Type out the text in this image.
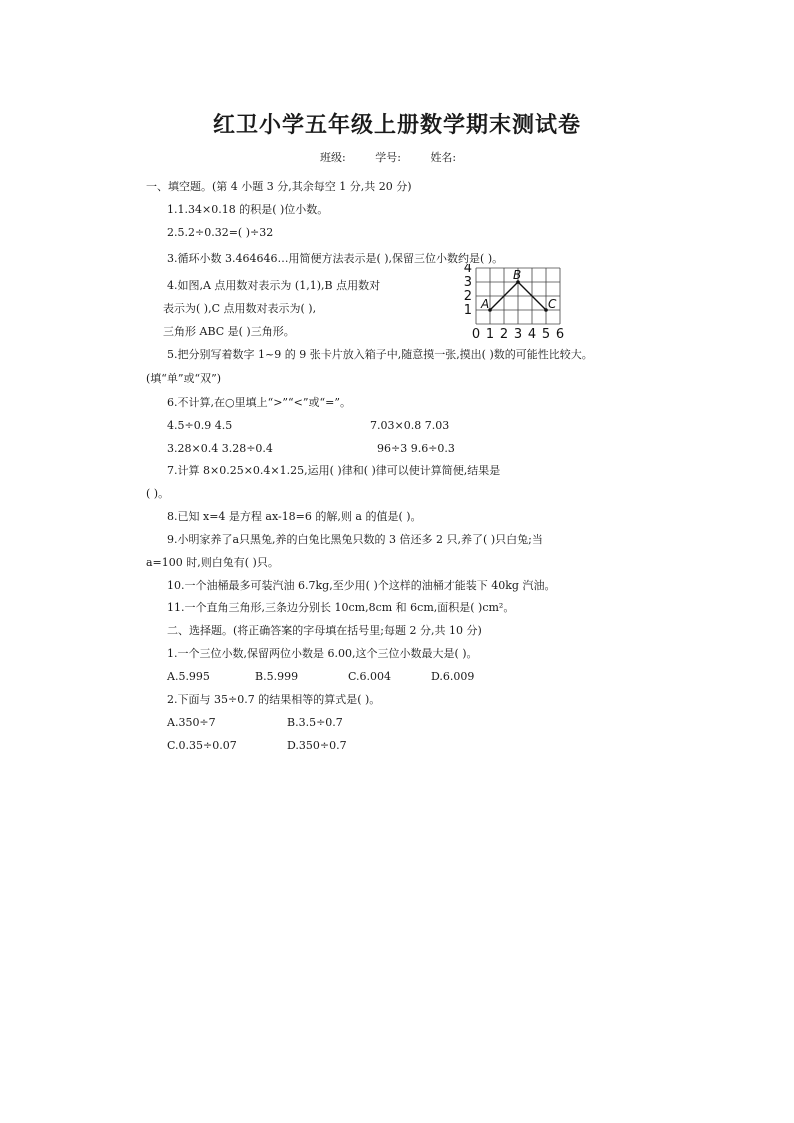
红卫小学五年级上册数学期末测试卷
班级:	学号:	姓名:
一、填空题。(第 4 小题 3 分,其余每空 1 分,共 20 分)
1.1.34×0.18 的积是( )位小数。
2.5.2÷0.32=( )÷32
3.循环小数 3.464646…用简便方法表示是( ),保留三位小数约是( )。
4.如图,A 点用数对表示为 (1,1),B 点用数对
表示为( ),C 点用数对表示为( ),
三角形 ABC 是( )三角形。
4
3
2
1
0 1 2 3 4 5 6
A
B
C
5.把分别写着数字 1~9 的 9 张卡片放入箱子中,随意摸一张,摸出( )数的可能性比较大。
(填“单”或“双”)
6.不计算,在○里填上“>”“<”或“=”。
4.5÷0.9 4.5	7.03×0.8 7.03
3.28×0.4 3.28÷0.4	96÷3 9.6÷0.3
7.计算 8×0.25×0.4×1.25,运用( )律和( )律可以使计算简便,结果是
( )。
8.已知 x=4 是方程 ax-18=6 的解,则 a 的值是( )。
9.小明家养了a只黑兔,养的白兔比黑兔只数的 3 倍还多 2 只,养了( )只白兔;当
a=100 时,则白兔有( )只。
10.一个油桶最多可装汽油 6.7kg,至少用( )个这样的油桶才能装下 40kg 汽油。
11.一个直角三角形,三条边分别长 10cm,8cm 和 6cm,面积是( )cm²。
二、选择题。(将正确答案的字母填在括号里;每题 2 分,共 10 分)
1.一个三位小数,保留两位小数是 6.00,这个三位小数最大是( )。
A.5.995	B.5.999	C.6.004	D.6.009
2.下面与 35÷0.7 的结果相等的算式是( )。
A.350÷7	B.3.5÷0.7
C.0.35÷0.07	D.350÷0.7
